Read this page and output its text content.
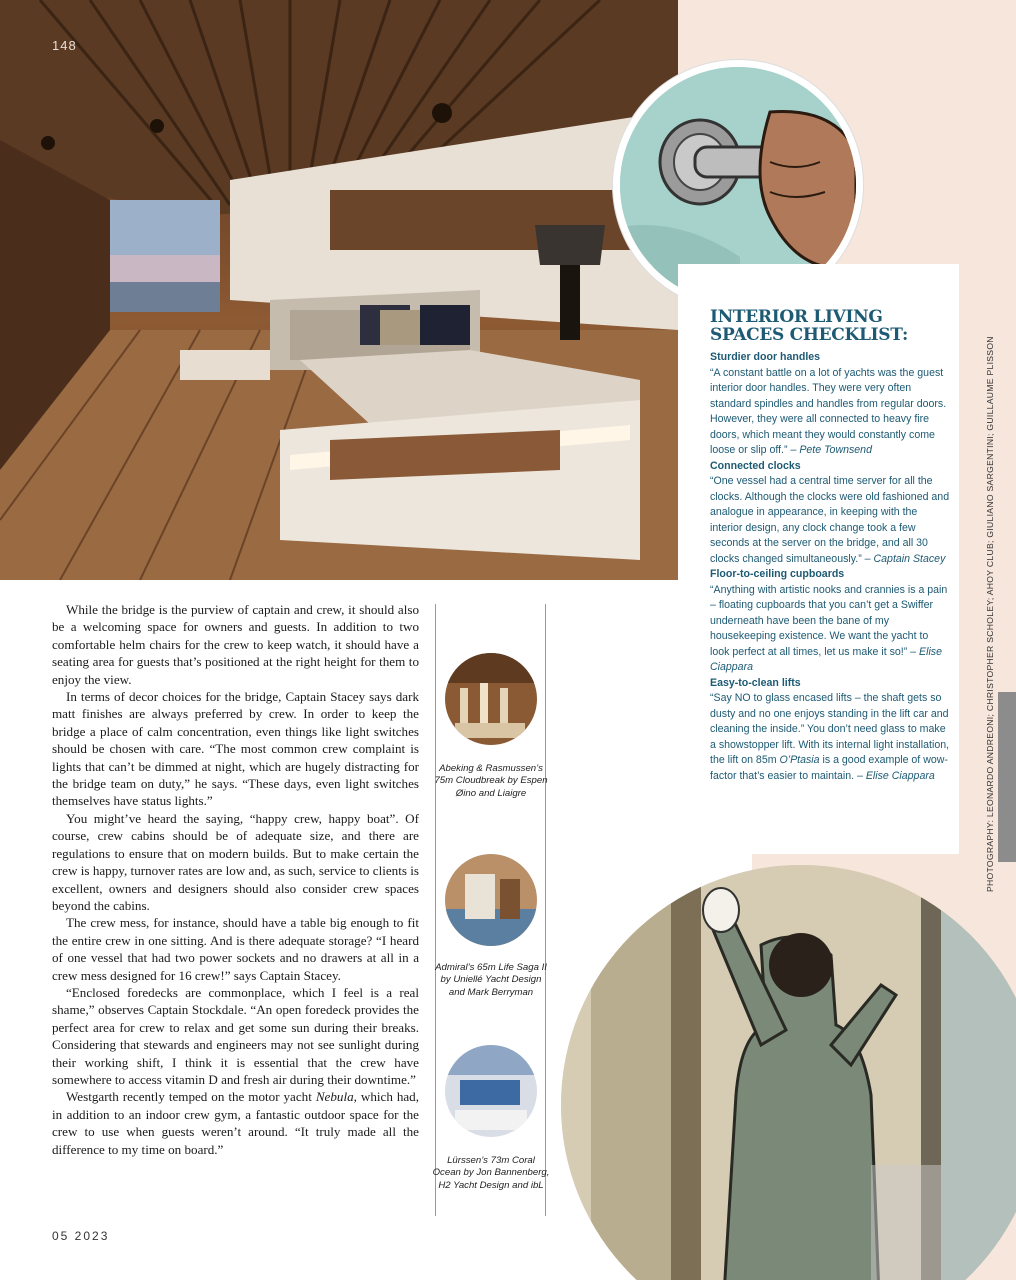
148
INTERIOR LIVING SPACES CHECKLIST:
Sturdier door handles
“A constant battle on a lot of yachts was the guest interior door handles. They were very often standard spindles and handles from regular doors. However, they were all connected to heavy fire doors, which meant they would constantly come loose or slip off.” – Pete Townsend
Connected clocks
“One vessel had a central time server for all the clocks. Although the clocks were old fashioned and analogue in appearance, in keeping with the interior design, any clock change took a few seconds at the server on the bridge, and all 30 clocks changed simultaneously.” – Captain Stacey
Floor-to-ceiling cupboards
“Anything with artistic nooks and crannies is a pain – floating cupboards that you can’t get a Swiffer underneath have been the bane of my housekeeping existence. We want the yacht to look perfect at all times, let us make it so!” – Elise Ciappara
Easy-to-clean lifts
“Say NO to glass encased lifts – the shaft gets so dusty and no one enjoys standing in the lift car and cleaning the inside.” You don’t need glass to make a showstopper lift. With its internal light installation, the lift on 85m O’Ptasia is a good example of wow-factor that’s easier to maintain. – Elise Ciappara

While the bridge is the purview of captain and crew, it should also be a welcoming space for owners and guests. In addition to two comfortable helm chairs for the crew to keep watch, it should have a seating area for guests that’s positioned at the right height for them to enjoy the view.

In terms of decor choices for the bridge, Captain Stacey says dark matt finishes are always preferred by crew. In order to keep the bridge a place of calm concentration, even things like light switches should be chosen with care. “The most common crew complaint is lights that can’t be dimmed at night, which are hugely distracting for the bridge team on duty,” he says. “These days, even light switches themselves have status lights.”

You might’ve heard the saying, “happy crew, happy boat”. Of course, crew cabins should be of adequate size, and there are regulations to ensure that on modern builds. But to make certain the crew is happy, turnover rates are low and, as such, service to clients is excellent, owners and designers should also consider crew spaces beyond the cabins.

The crew mess, for instance, should have a table big enough to fit the entire crew in one sitting. And is there adequate storage? “I heard of one vessel that had two power sockets and no drawers at all in a crew mess designed for 16 crew!” says Captain Stacey.

“Enclosed foredecks are commonplace, which I feel is a real shame,” observes Captain Stockdale. “An open foredeck provides the perfect area for crew to relax and get some sun during their breaks. Considering that stewards and engineers may not see sunlight during their working shift, I think it is essential that the crew have somewhere to access vitamin D and fresh air during their downtime.”

Westgarth recently temped on the motor yacht Nebula, which had, in addition to an indoor crew gym, a fantastic outdoor space for the crew to use when guests weren’t around. “It truly made all the difference to my time on board.”

Abeking & Rasmussen’s 75m Cloudbreak by Espen Øino and Liaigre
Admiral’s 65m Life Saga II by Uniellé Yacht Design and Mark Berryman
Lürssen’s 73m Coral Ocean by Jon Bannenberg, H2 Yacht Design and ibL
05 2023
